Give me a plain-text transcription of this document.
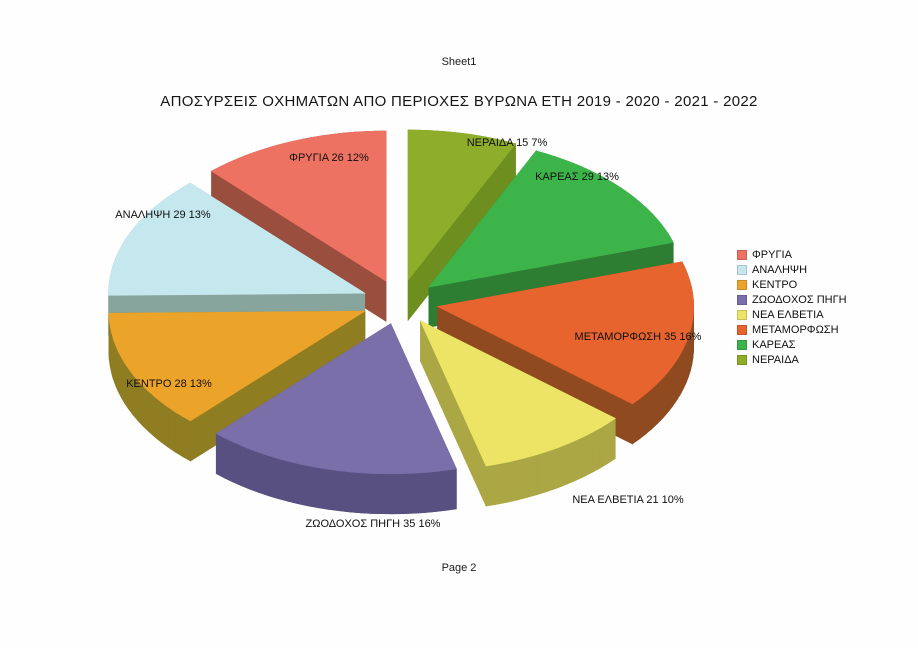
Sheet1
ΑΠΟΣΥΡΣΕΙΣ ΟΧΗΜΑΤΩΝ ΑΠΟ ΠΕΡΙΟΧΕΣ ΒΥΡΩΝΑ ΕΤΗ 2019 - 2020 - 2021 - 2022
ΦΡΥΓΙΑ 26 12%
ΑΝΑΛΗΨΗ 29 13%
ΚΕΝΤΡΟ 28 13%
ΖΩΟΔΟΧΟΣ ΠΗΓΗ 35 16%
ΝΕΑ ΕΛΒΕΤΙΑ 21 10%
ΜΕΤΑΜΟΡΦΩΣΗ 35 16%
ΚΑΡΕΑΣ 29 13%
ΝΕΡΑΙΔΑ 15 7%
ΦΡΥΓΙΑ
ΑΝΑΛΗΨΗ
ΚΕΝΤΡΟ
ΖΩΟΔΟΧΟΣ ΠΗΓΗ
ΝΕΑ ΕΛΒΕΤΙΑ
ΜΕΤΑΜΟΡΦΩΣΗ
ΚΑΡΕΑΣ
ΝΕΡΑΙΔΑ
Page 2
